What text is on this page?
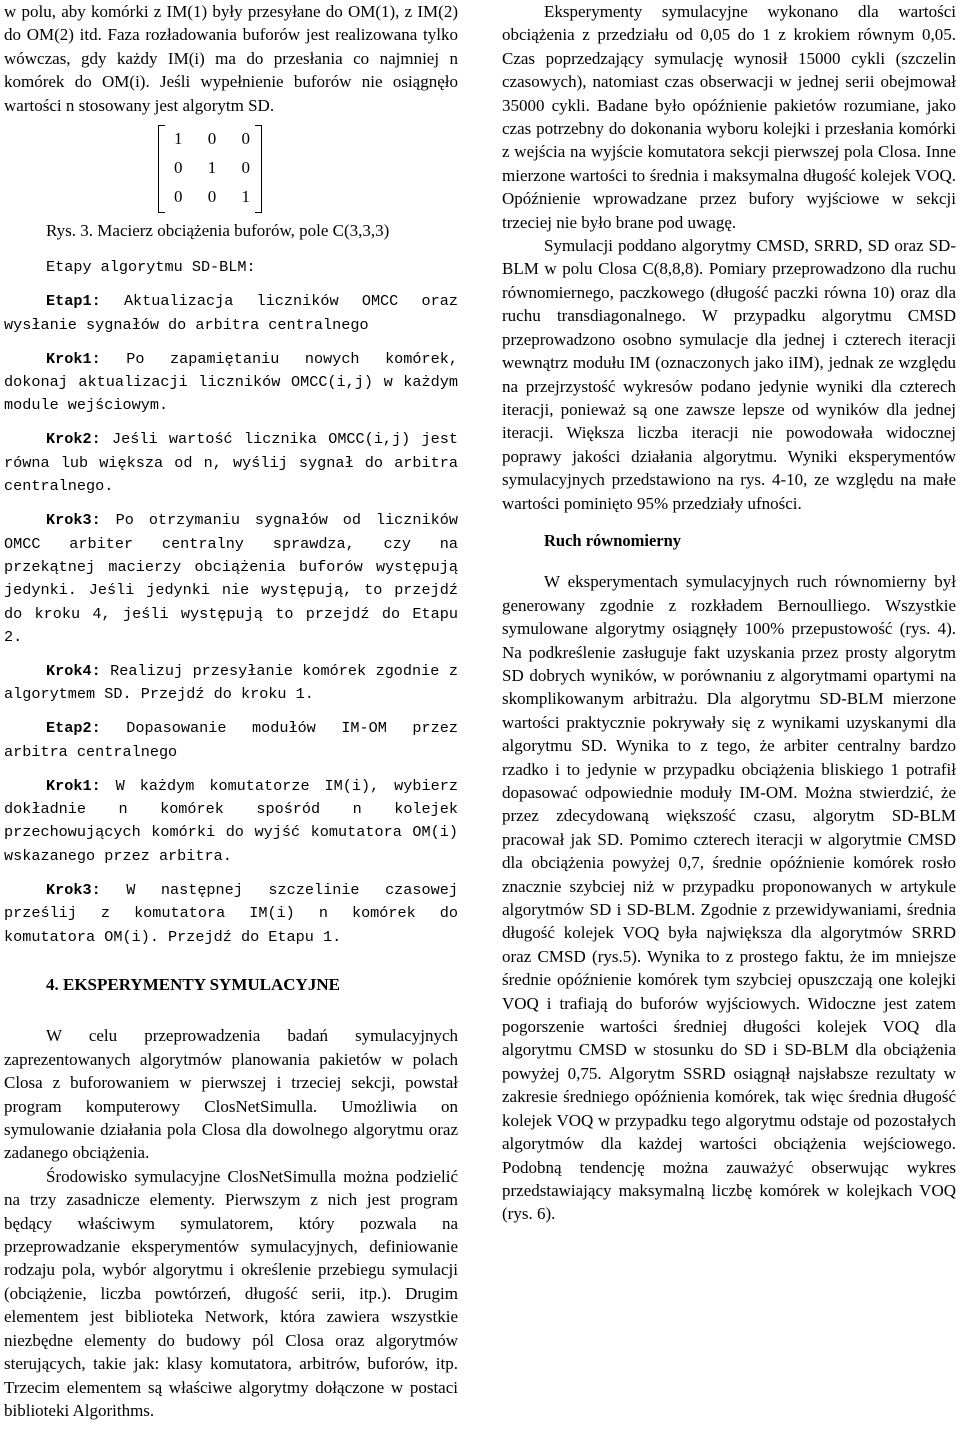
w polu, aby komórki z IM(1) były przesyłane do OM(1), z IM(2) do OM(2) itd. Faza rozładowania buforów jest realizowana tylko wówczas, gdy każdy IM(i) ma do przesłania co najmniej n komórek do OM(i). Jeśli wypełnienie buforów nie osiągnęło wartości n stosowany jest algorytm SD.

1 0 0
0 1 0
0 0 1

Rys. 3. Macierz obciążenia buforów, pole C(3,3,3)

Etapy algorytmu SD-BLM:

Etap1: Aktualizacja liczników OMCC oraz wysłanie sygnałów do arbitra centralnego

Krok1: Po zapamiętaniu nowych komórek, dokonaj aktualizacji liczników OMCC(i,j) w każdym module wejściowym.

Krok2: Jeśli wartość licznika OMCC(i,j) jest równa lub większa od n, wyślij sygnał do arbitra centralnego.

Krok3: Po otrzymaniu sygnałów od liczników OMCC arbiter centralny sprawdza, czy na przekątnej macierzy obciążenia buforów występują jedynki. Jeśli jedynki nie występują, to przejdź do kroku 4, jeśli występują to przejdź do Etapu 2.

Krok4: Realizuj przesyłanie komórek zgodnie z algorytmem SD. Przejdź do kroku 1.

Etap2: Dopasowanie modułów IM-OM przez arbitra centralnego

Krok1: W każdym komutatorze IM(i), wybierz dokładnie n komórek spośród n kolejek przechowujących komórki do wyjść komutatora OM(i) wskazanego przez arbitra.

Krok3: W następnej szczelinie czasowej prześlij z komutatora IM(i) n komórek do komutatora OM(i). Przejdź do Etapu 1.

4. EKSPERYMENTY SYMULACYJNE

W celu przeprowadzenia badań symulacyjnych zaprezentowanych algorytmów planowania pakietów w polach Closa z buforowaniem w pierwszej i trzeciej sekcji, powstał program komputerowy ClosNetSimulla. Umożliwia on symulowanie działania pola Closa dla dowolnego algorytmu oraz zadanego obciążenia.

Środowisko symulacyjne ClosNetSimulla można podzielić na trzy zasadnicze elementy. Pierwszym z nich jest program będący właściwym symulatorem, który pozwala na przeprowadzanie eksperymentów symulacyjnych, definiowanie rodzaju pola, wybór algorytmu i określenie przebiegu symulacji (obciążenie, liczba powtórzeń, długość serii, itp.). Drugim elementem jest biblioteka Network, która zawiera wszystkie niezbędne elementy do budowy pól Closa oraz algorytmów sterujących, takie jak: klasy komutatora, arbitrów, buforów, itp. Trzecim elementem są właściwe algorytmy dołączone w postaci biblioteki Algorithms.

Eksperymenty symulacyjne wykonano dla wartości obciążenia z przedziału od 0,05 do 1 z krokiem równym 0,05. Czas poprzedzający symulację wynosił 15000 cykli (szczelin czasowych), natomiast czas obserwacji w jednej serii obejmował 35000 cykli. Badane było opóźnienie pakietów rozumiane, jako czas potrzebny do dokonania wyboru kolejki i przesłania komórki z wejścia na wyjście komutatora sekcji pierwszej pola Closa. Inne mierzone wartości to średnia i maksymalna długość kolejek VOQ. Opóźnienie wprowadzane przez bufory wyjściowe w sekcji trzeciej nie było brane pod uwagę.

Symulacji poddano algorytmy CMSD, SRRD, SD oraz SD-BLM w polu Closa C(8,8,8). Pomiary przeprowadzono dla ruchu równomiernego, paczkowego (długość paczki równa 10) oraz dla ruchu transdiagonalnego. W przypadku algorytmu CMSD przeprowadzono osobno symulacje dla jednej i czterech iteracji wewnątrz modułu IM (oznaczonych jako iIM), jednak ze względu na przejrzystość wykresów podano jedynie wyniki dla czterech iteracji, ponieważ są one zawsze lepsze od wyników dla jednej iteracji. Większa liczba iteracji nie powodowała widocznej poprawy jakości działania algorytmu. Wyniki eksperymentów symulacyjnych przedstawiono na rys. 4-10, ze względu na małe wartości pominięto 95% przedziały ufności.

Ruch równomierny

W eksperymentach symulacyjnych ruch równomierny był generowany zgodnie z rozkładem Bernoulliego. Wszystkie symulowane algorytmy osiągnęły 100% przepustowość (rys. 4). Na podkreślenie zasługuje fakt uzyskania przez prosty algorytm SD dobrych wyników, w porównaniu z algorytmami opartymi na skomplikowanym arbitrażu. Dla algorytmu SD-BLM mierzone wartości praktycznie pokrywały się z wynikami uzyskanymi dla algorytmu SD. Wynika to z tego, że arbiter centralny bardzo rzadko i to jedynie w przypadku obciążenia bliskiego 1 potrafił dopasować odpowiednie moduły IM-OM. Można stwierdzić, że przez zdecydowaną większość czasu, algorytm SD-BLM pracował jak SD. Pomimo czterech iteracji w algorytmie CMSD dla obciążenia powyżej 0,7, średnie opóźnienie komórek rosło znacznie szybciej niż w przypadku proponowanych w artykule algorytmów SD i SD-BLM. Zgodnie z przewidywaniami, średnia długość kolejek VOQ była największa dla algorytmów SRRD oraz CMSD (rys.5). Wynika to z prostego faktu, że im mniejsze średnie opóźnienie komórek tym szybciej opuszczają one kolejki VOQ i trafiają do buforów wyjściowych. Widoczne jest zatem pogorszenie wartości średniej długości kolejek VOQ dla algorytmu CMSD w stosunku do SD i SD-BLM dla obciążenia powyżej 0,75. Algorytm SSRD osiągnął najsłabsze rezultaty w zakresie średniego opóźnienia komórek, tak więc średnia długość kolejek VOQ w przypadku tego algorytmu odstaje od pozostałych algorytmów dla każdej wartości obciążenia wejściowego. Podobną tendencję można zauważyć obserwując wykres przedstawiający maksymalną liczbę komórek w kolejkach VOQ (rys. 6).
